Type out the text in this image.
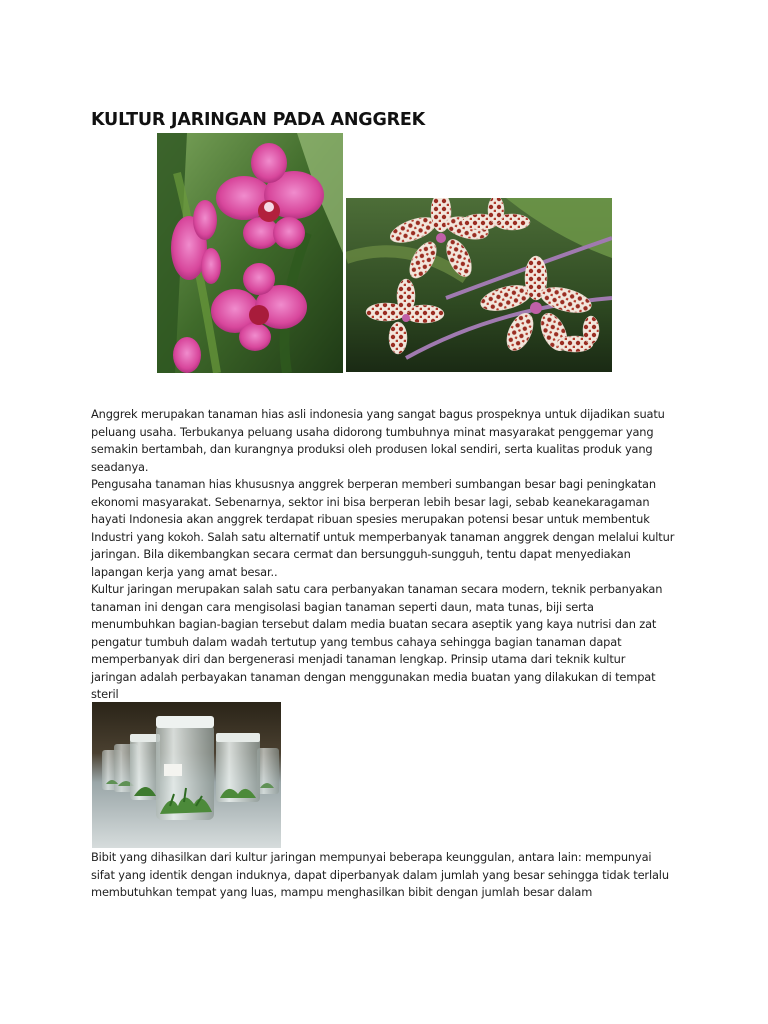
KULTUR JARINGAN PADA ANGGREK

Anggrek merupakan tanaman hias asli indonesia yang sangat bagus prospeknya untuk dijadikan suatu
peluang usaha. Terbukanya peluang usaha didorong tumbuhnya minat masyarakat penggemar yang
semakin bertambah, dan kurangnya produksi oleh produsen lokal sendiri, serta kualitas produk yang
seadanya.

Pengusaha tanaman hias khususnya anggrek berperan memberi sumbangan besar bagi peningkatan
ekonomi masyarakat. Sebenarnya, sektor ini bisa berperan lebih besar lagi, sebab keanekaragaman
hayati Indonesia akan anggrek terdapat ribuan spesies merupakan potensi besar untuk membentuk
Industri yang kokoh. Salah satu alternatif untuk memperbanyak tanaman anggrek dengan melalui kultur
jaringan. Bila dikembangkan secara cermat dan bersungguh-sungguh, tentu dapat menyediakan
lapangan kerja yang amat besar..

Kultur jaringan merupakan salah satu cara perbanyakan tanaman secara modern, teknik perbanyakan
tanaman ini dengan cara mengisolasi bagian tanaman seperti daun, mata tunas, biji serta
menumbuhkan bagian-bagian tersebut dalam media buatan secara aseptik yang kaya nutrisi dan zat
pengatur tumbuh dalam wadah tertutup yang tembus cahaya sehingga bagian tanaman dapat
memperbanyak diri dan bergenerasi menjadi tanaman lengkap. Prinsip utama dari teknik kultur
jaringan adalah perbayakan tanaman dengan menggunakan media buatan yang dilakukan di tempat
steril

Bibit yang dihasilkan dari kultur jaringan mempunyai beberapa keunggulan, antara lain: mempunyai
sifat yang identik dengan induknya, dapat diperbanyak dalam jumlah yang besar sehingga tidak terlalu
membutuhkan tempat yang luas, mampu menghasilkan bibit dengan jumlah besar dalam
